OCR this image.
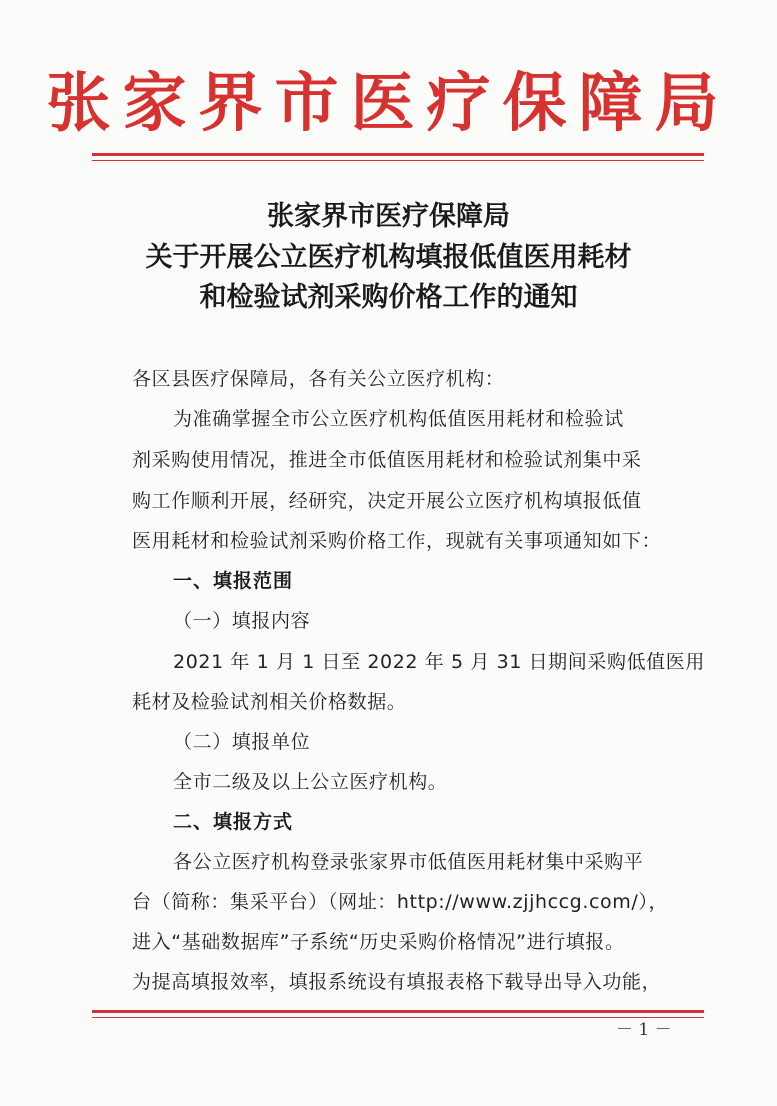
张家界市医疗保障局
张家界市医疗保障局
关于开展公立医疗机构填报低值医用耗材
和检验试剂采购价格工作的通知
各区县医疗保障局，各有关公立医疗机构：
为准确掌握全市公立医疗机构低值医用耗材和检验试
剂采购使用情况，推进全市低值医用耗材和检验试剂集中采
购工作顺利开展，经研究，决定开展公立医疗机构填报低值
医用耗材和检验试剂采购价格工作，现就有关事项通知如下：
一、填报范围
（一）填报内容
2021 年 1 月 1 日至 2022 年 5 月 31 日期间采购低值医用
耗材及检验试剂相关价格数据。
（二）填报单位
全市二级及以上公立医疗机构。
二、填报方式
各公立医疗机构登录张家界市低值医用耗材集中采购平
台（简称：集采平台）（网址：http://www.zjjhccg.com/），
进入“基础数据库”子系统“历史采购价格情况”进行填报。
为提高填报效率，填报系统设有填报表格下载导出导入功能，
－ 1 －
